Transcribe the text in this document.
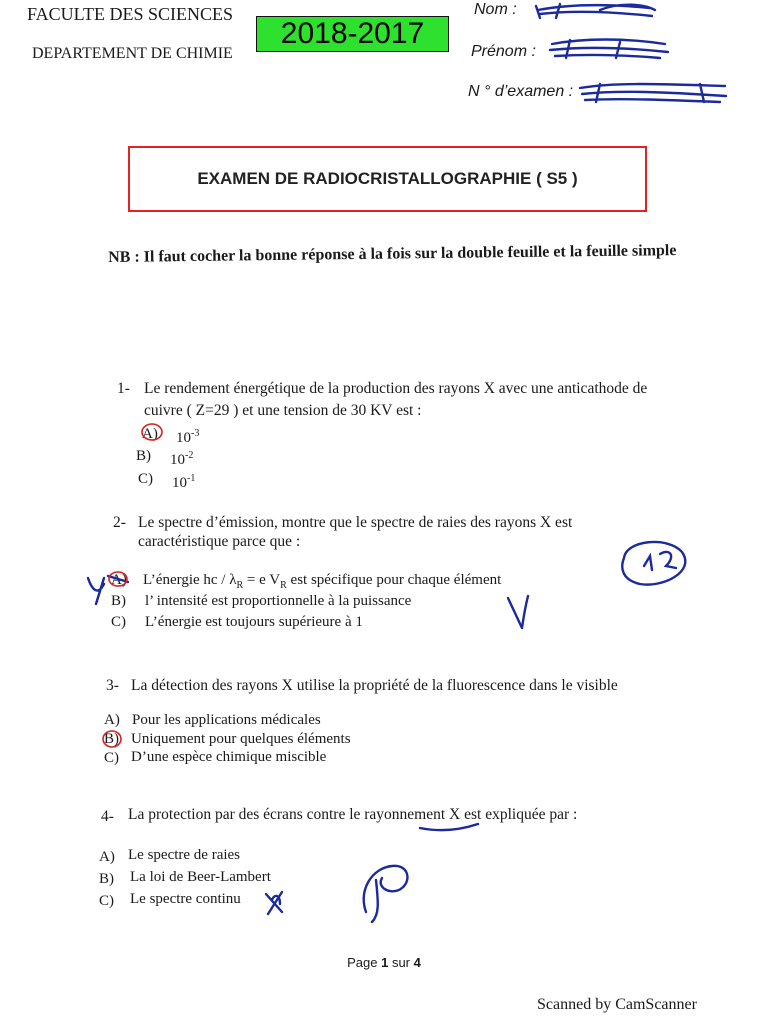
FACULTE DES SCIENCES
DEPARTEMENT DE CHIMIE
2018-2017
Nom :
Prénom :
N ° d’examen :
EXAMEN DE RADIOCRISTALLOGRAPHIE ( S5 )
NB : Il faut cocher la bonne réponse à la fois sur la double feuille et la feuille simple
1- Le rendement énergétique de la production des rayons X avec une anticathode de
cuivre ( Z=29 ) et une tension de 30 KV est :
A) $10^{-3}$
B) $10^{-2}$
C) $10^{-1}$
2- Le spectre d’émission, montre que le spectre de raies des rayons X est
caractéristique parce que :
A) L’énergie hc / $\lambda_R = e$ $V_R$ est spécifique pour chaque élément
B) l’ intensité est proportionnelle à la puissance
C) L’énergie est toujours supérieure à 1
3- La détection des rayons X utilise la propriété de la fluorescence dans le visible
A) Pour les applications médicales
B) Uniquement pour quelques éléments
C) D’une espèce chimique miscible
4- La protection par des écrans contre le rayonnement X est expliquée par :
A) Le spectre de raies
B) La loi de Beer-Lambert
C) Le spectre continu
Page 1 sur 4
Scanned by CamScanner
